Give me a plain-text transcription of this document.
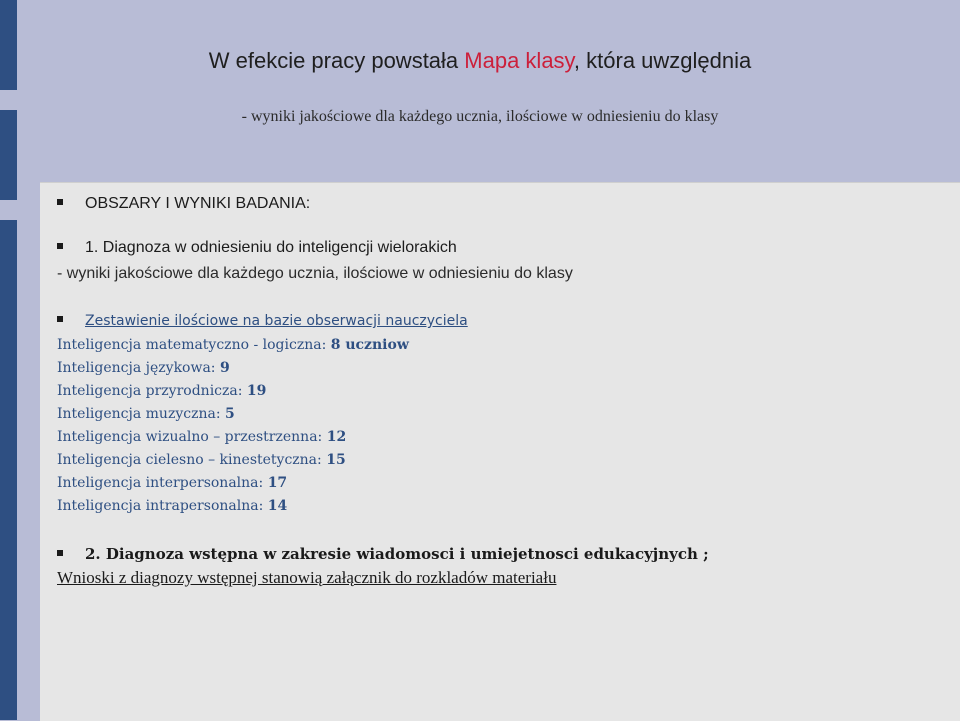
W efekcie pracy powstała Mapa klasy, która uwzględnia
- wyniki jakościowe dla każdego ucznia, ilościowe w odniesieniu do klasy
OBSZARY I WYNIKI BADANIA:
1. Diagnoza w odniesieniu do inteligencji wielorakich
- wyniki jakościowe dla każdego ucznia, ilościowe w odniesieniu do klasy
Zestawienie ilościowe na bazie obserwacji nauczyciela
Inteligencja matematyczno - logiczna: 8 uczniow
Inteligencja językowa: 9
Inteligencja przyrodnicza: 19
Inteligencja muzyczna: 5
Inteligencja wizualno – przestrzenna: 12
Inteligencja cielesno – kinestetyczna: 15
Inteligencja interpersonalna: 17
Inteligencja intrapersonalna: 14
2. Diagnoza wstępna w zakresie wiadomosci i umiejetnosci edukacyjnych ;
Wnioski z diagnozy wstępnej stanowią załącznik do rozkladów materiału
